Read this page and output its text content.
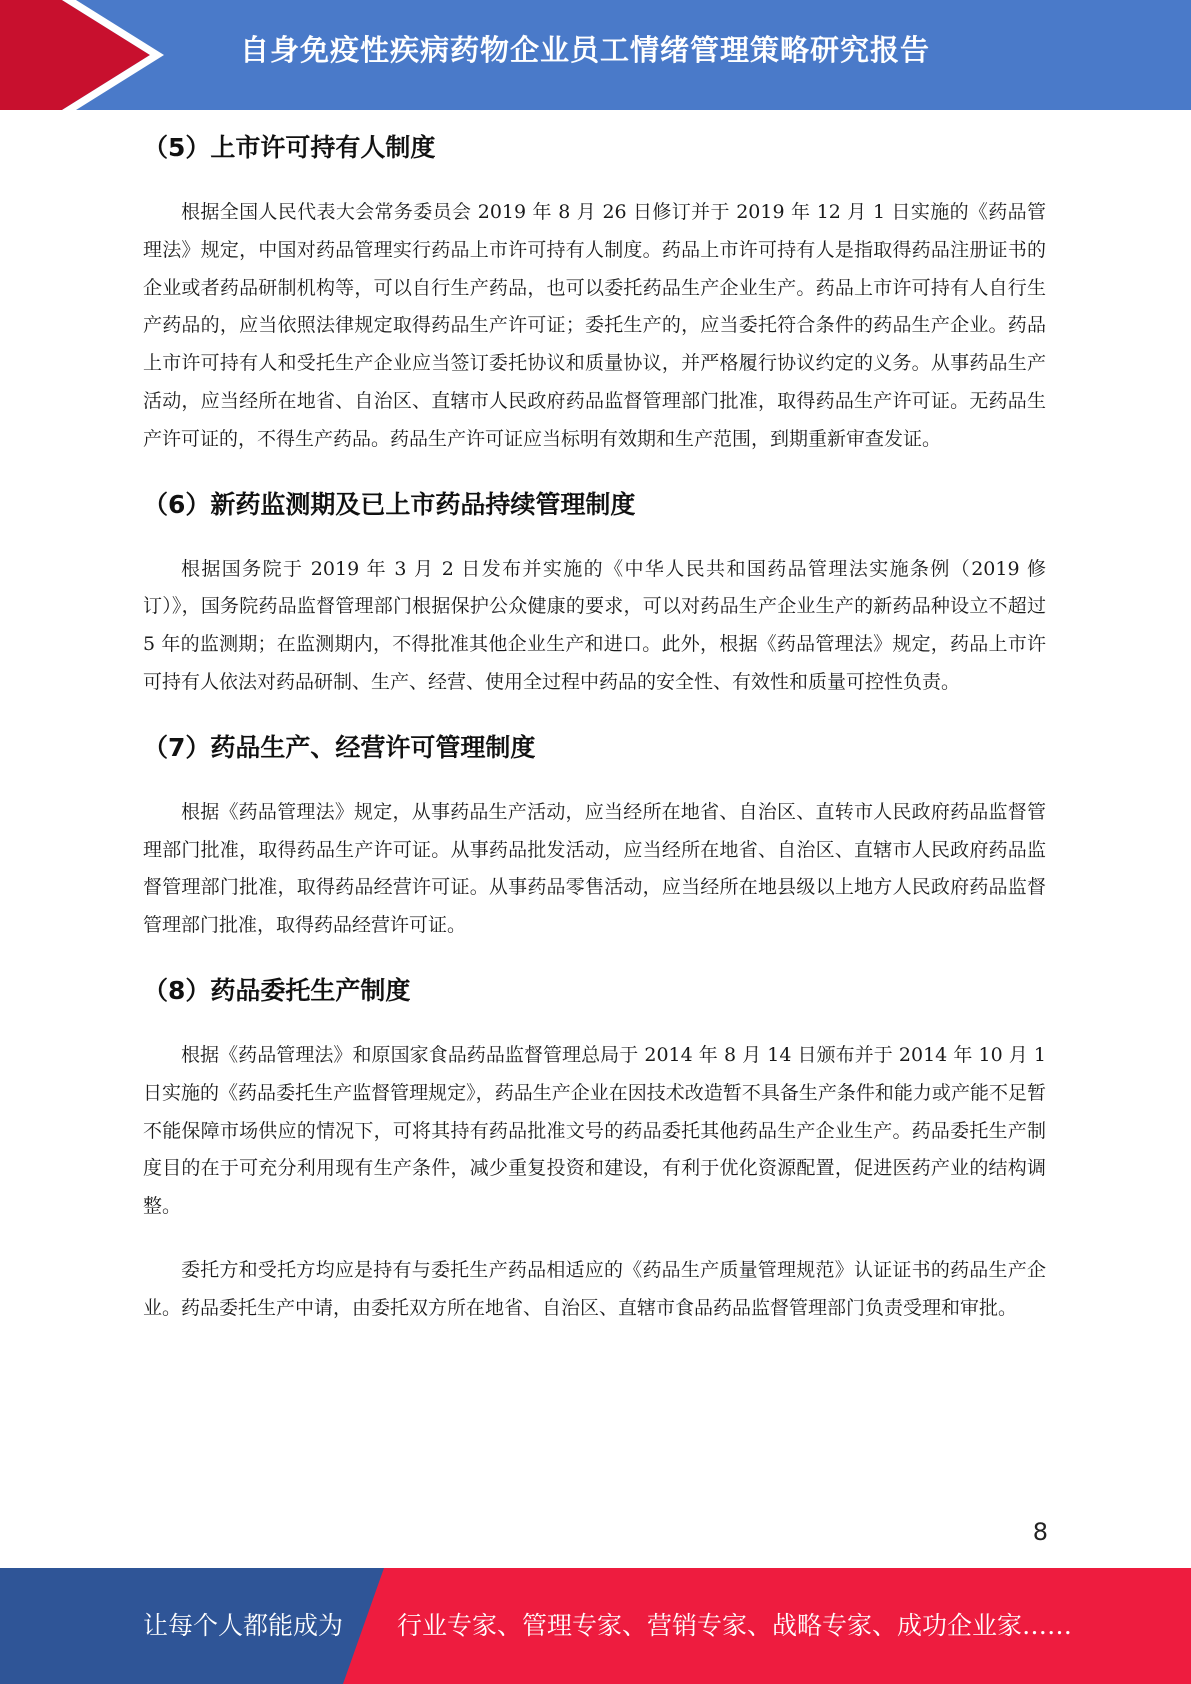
自身免疫性疾病药物企业员工情绪管理策略研究报告
（5）上市许可持有人制度

根据全国人民代表大会常务委员会 2019 年 8 月 26 日修订并于 2019 年 12 月 1 日实施的《药品管理法》规定，中国对药品管理实行药品上市许可持有人制度。药品上市许可持有人是指取得药品注册证书的企业或者药品研制机构等，可以自行生产药品，也可以委托药品生产企业生产。药品上市许可持有人自行生产药品的，应当依照法律规定取得药品生产许可证；委托生产的，应当委托符合条件的药品生产企业。药品上市许可持有人和受托生产企业应当签订委托协议和质量协议，并严格履行协议约定的义务。从事药品生产活动，应当经所在地省、自治区、直辖市人民政府药品监督管理部门批准，取得药品生产许可证。无药品生产许可证的，不得生产药品。药品生产许可证应当标明有效期和生产范围，到期重新审查发证。

（6）新药监测期及已上市药品持续管理制度

根据国务院于 2019 年 3 月 2 日发布并实施的《中华人民共和国药品管理法实施条例（2019 修订）》，国务院药品监督管理部门根据保护公众健康的要求，可以对药品生产企业生产的新药品种设立不超过 5 年的监测期；在监测期内，不得批准其他企业生产和进口。此外，根据《药品管理法》规定，药品上市许可持有人依法对药品研制、生产、经营、使用全过程中药品的安全性、有效性和质量可控性负责。

（7）药品生产、经营许可管理制度

根据《药品管理法》规定，从事药品生产活动，应当经所在地省、自治区、直转市人民政府药品监督管理部门批准，取得药品生产许可证。从事药品批发活动，应当经所在地省、自治区、直辖市人民政府药品监督管理部门批准，取得药品经营许可证。从事药品零售活动，应当经所在地县级以上地方人民政府药品监督管理部门批准，取得药品经营许可证。

（8）药品委托生产制度

根据《药品管理法》和原国家食品药品监督管理总局于 2014 年 8 月 14 日颁布并于 2014 年 10 月 1 日实施的《药品委托生产监督管理规定》，药品生产企业在因技术改造暂不具备生产条件和能力或产能不足暂不能保障市场供应的情况下，可将其持有药品批准文号的药品委托其他药品生产企业生产。药品委托生产制度目的在于可充分利用现有生产条件，减少重复投资和建设，有利于优化资源配置，促进医药产业的结构调整。

委托方和受托方均应是持有与委托生产药品相适应的《药品生产质量管理规范》认证证书的药品生产企业。药品委托生产中请，由委托双方所在地省、自治区、直辖市食品药品监督管理部门负责受理和审批。

8
让每个人都能成为 行业专家、管理专家、营销专家、战略专家、成功企业家……
